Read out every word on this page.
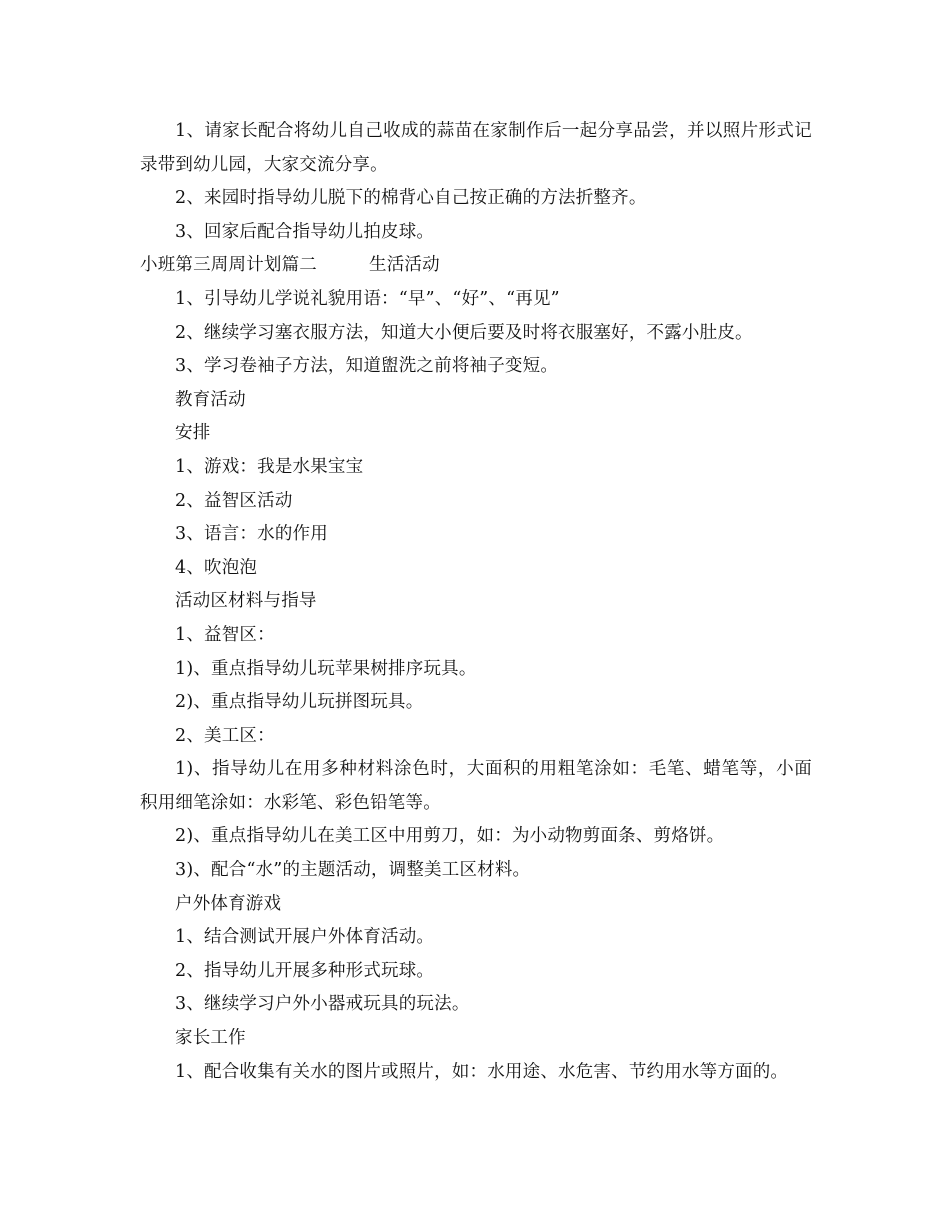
1、请家长配合将幼儿自己收成的蒜苗在家制作后一起分享品尝，并以照片形式记录带到幼儿园，大家交流分享。
2、来园时指导幼儿脱下的棉背心自己按正确的方法折整齐。
3、回家后配合指导幼儿拍皮球。
小班第三周周计划篇二	生活活动
1、引导幼儿学说礼貌用语：“早”、“好”、“再见”
2、继续学习塞衣服方法，知道大小便后要及时将衣服塞好，不露小肚皮。
3、学习卷袖子方法，知道盥洗之前将袖子变短。
教育活动
安排
1、游戏：我是水果宝宝
2、益智区活动
3、语言：水的作用
4、吹泡泡
活动区材料与指导
1、益智区：
1)、重点指导幼儿玩苹果树排序玩具。
2)、重点指导幼儿玩拼图玩具。
2、美工区：
1)、指导幼儿在用多种材料涂色时，大面积的用粗笔涂如：毛笔、蜡笔等，小面积用细笔涂如：水彩笔、彩色铅笔等。
2)、重点指导幼儿在美工区中用剪刀，如：为小动物剪面条、剪烙饼。
3)、配合“水”的主题活动，调整美工区材料。
户外体育游戏
1、结合测试开展户外体育活动。
2、指导幼儿开展多种形式玩球。
3、继续学习户外小器戒玩具的玩法。
家长工作
1、配合收集有关水的图片或照片，如：水用途、水危害、节约用水等方面的。
